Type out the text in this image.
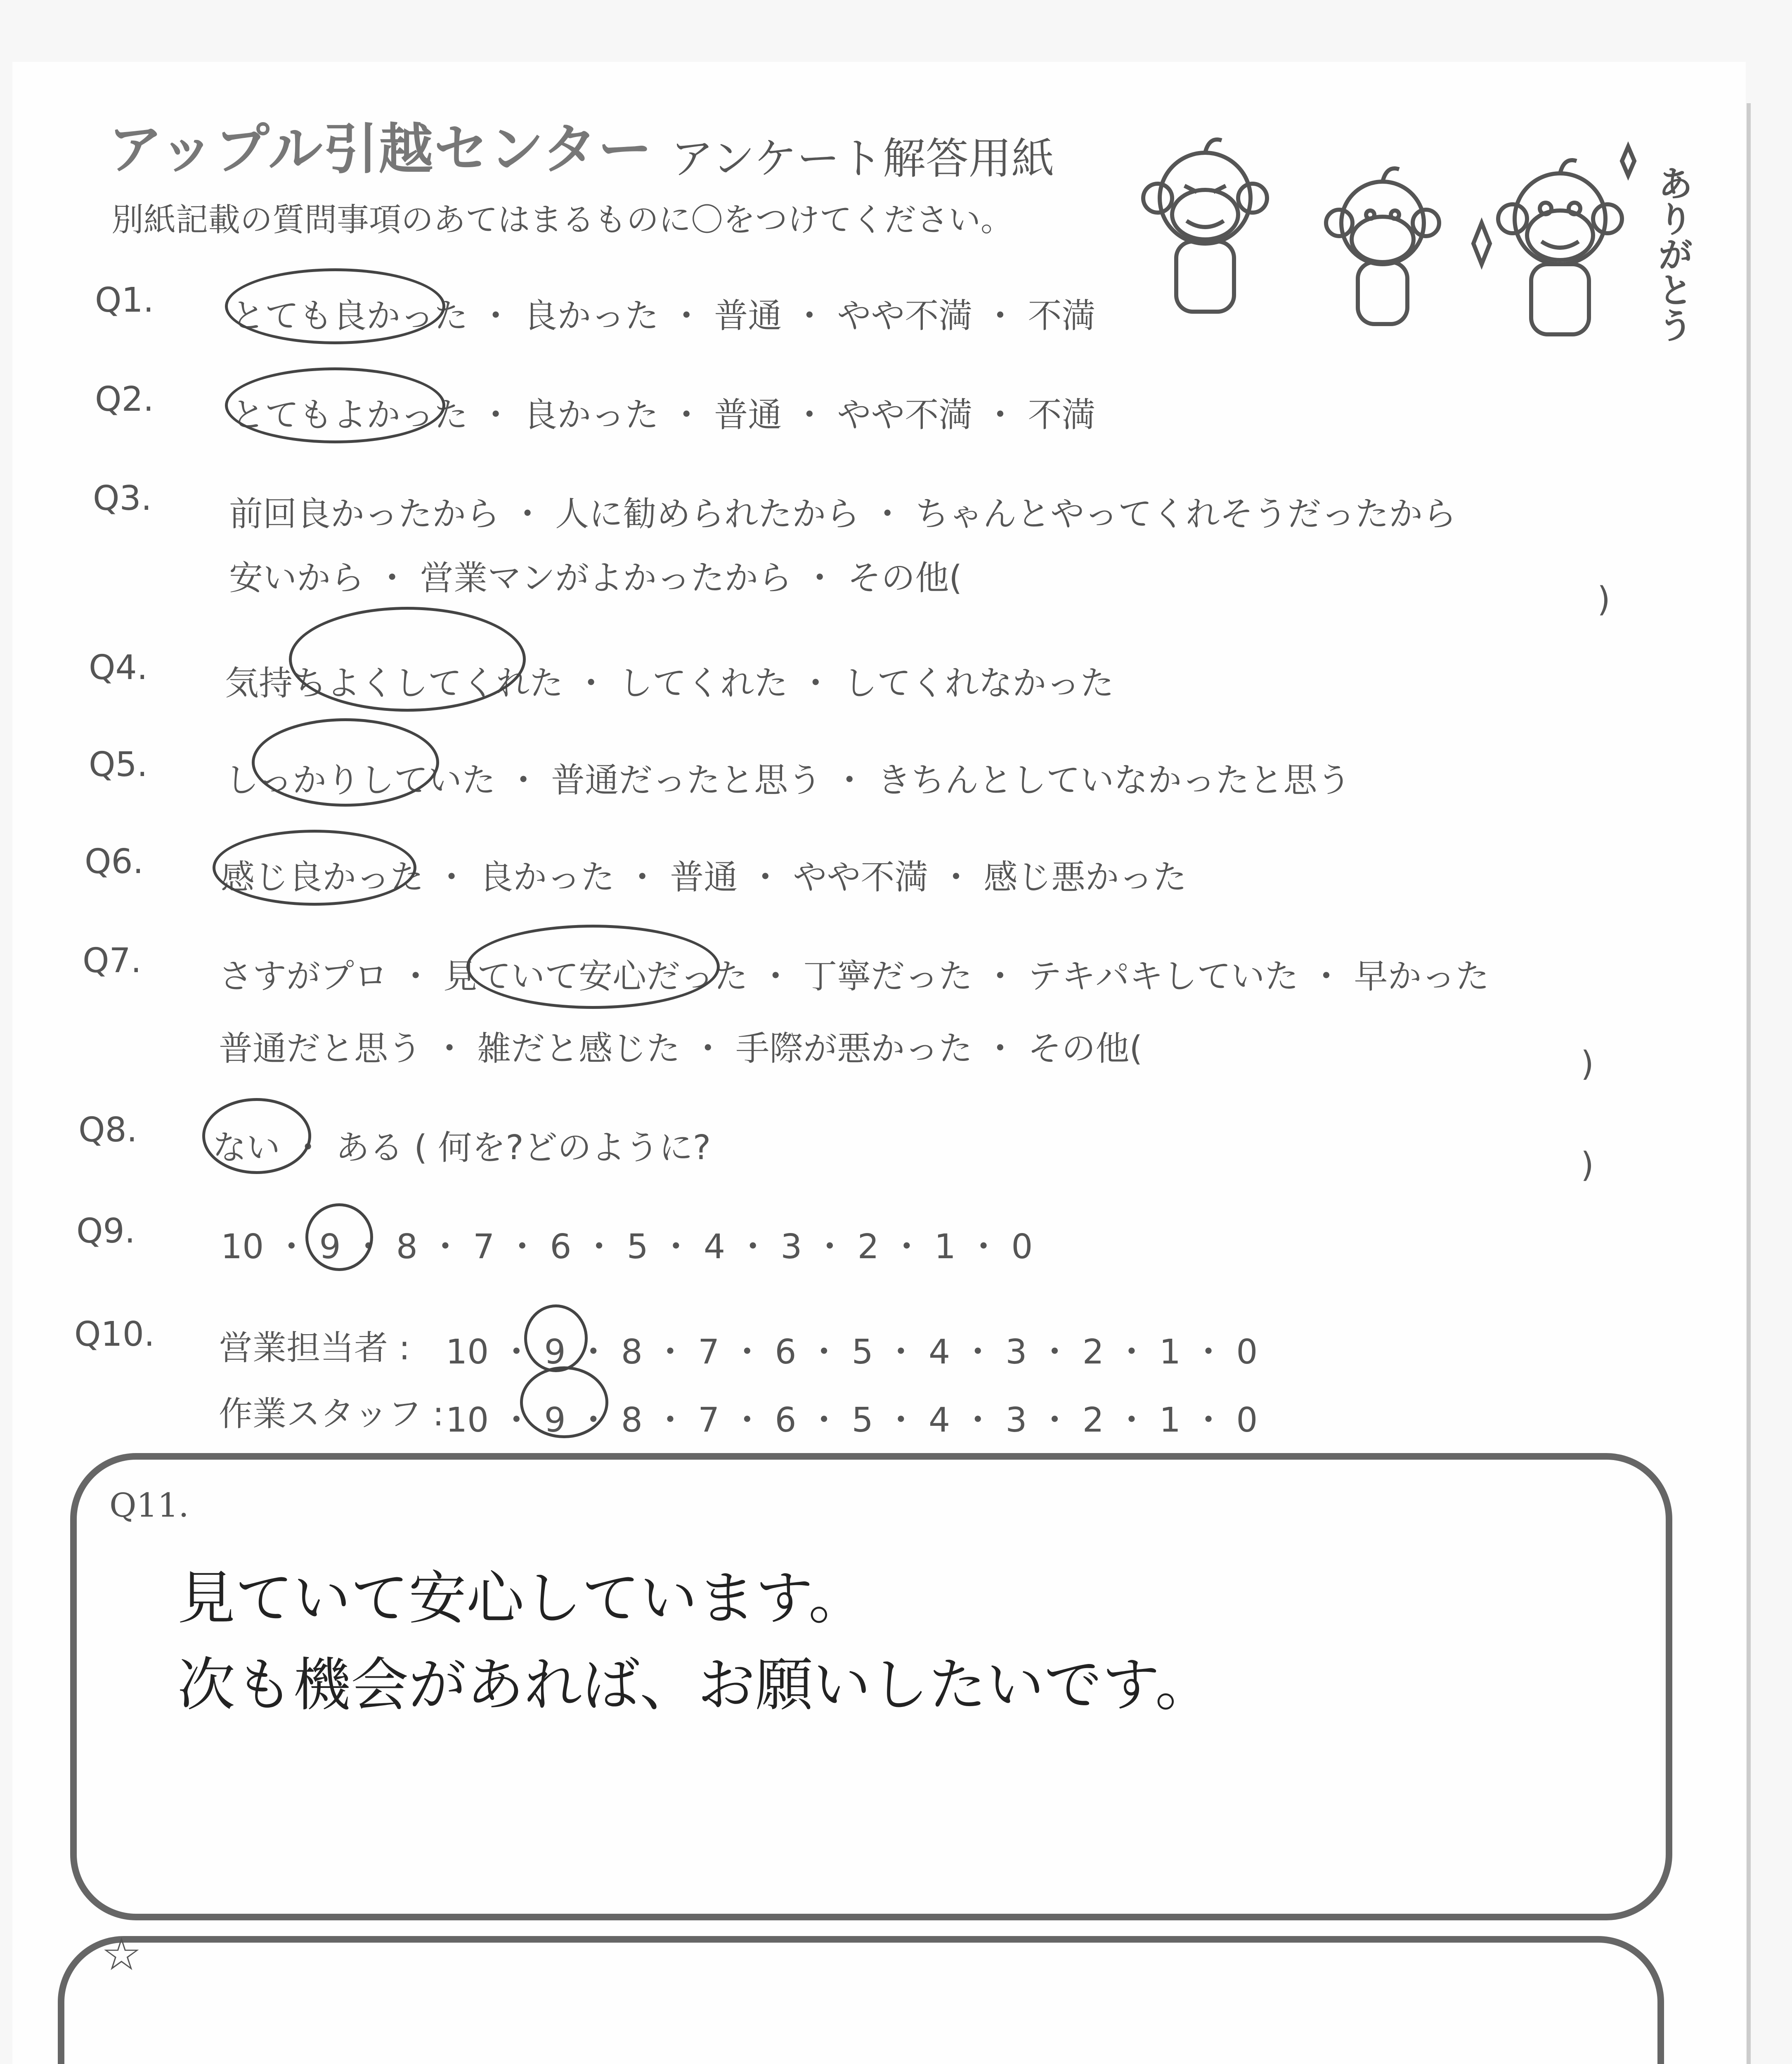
アップル引越センター アンケート解答用紙
別紙記載の質問事項のあてはまるものに〇をつけてください。	ありがとう
Q1. とても良かった ・ 良かった ・ 普通 ・ やや不満 ・ 不満
Q2. とてもよかった ・ 良かった ・ 普通 ・ やや不満 ・ 不満
Q3. 前回良かったから ・ 人に勧められたから ・ ちゃんとやってくれそうだったから
安いから ・ 営業マンがよかったから ・ その他(
)
Q4. 気持ちよくしてくれた ・ してくれた ・ してくれなかった
Q5. しっかりしていた ・ 普通だったと思う ・ きちんとしていなかったと思う
Q6. 感じ良かった ・ 良かった ・ 普通 ・ やや不満 ・ 感じ悪かった
Q7. さすがプロ ・ 見ていて安心だった ・ 丁寧だった ・ テキパキしていた ・ 早かった
普通だと思う ・ 雑だと感じた ・ 手際が悪かった ・ その他(	)
Q8. ない ・ ある ( 何を?どのように?	)
Q9.	10 ・ 9 ・ 8 ・ 7 ・ 6 ・ 5 ・ 4 ・ 3 ・ 2 ・ 1 ・ 0
Q10. 営業担当者 : 10 ・ 9 ・ 8 ・ 7 ・ 6 ・ 5 ・ 4 ・ 3 ・ 2 ・ 1 ・ 0
作業スタッフ : 10 ・ 9 ・ 8 ・ 7 ・ 6 ・ 5 ・ 4 ・ 3 ・ 2 ・ 1 ・ 0
Q11.
見ていて安心しています。
次も機会があれば、お願いしたいです。
☆
